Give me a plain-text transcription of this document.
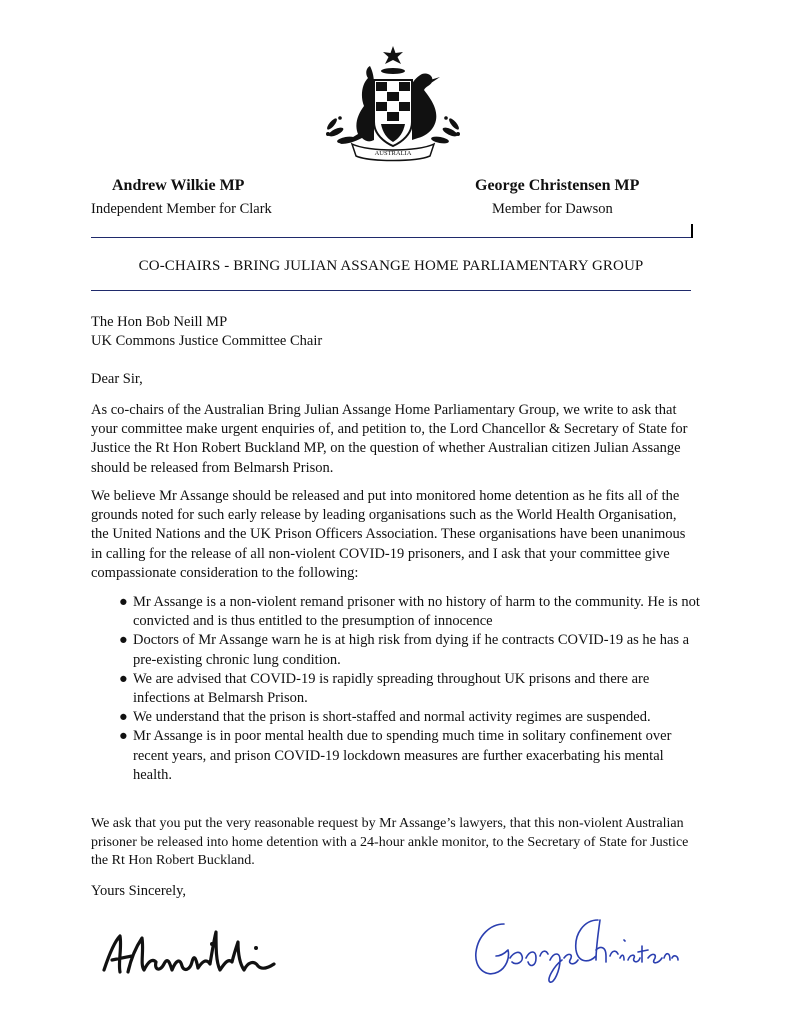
AUSTRALIA
Andrew Wilkie MP
Independent Member for Clark
George Christensen MP
Member for Dawson
CO-CHAIRS - BRING JULIAN ASSANGE HOME PARLIAMENTARY GROUP
The Hon Bob Neill MP
UK Commons Justice Committee Chair
Dear Sir,
As co-chairs of the Australian Bring Julian Assange Home Parliamentary Group, we write to ask that your committee make urgent enquiries of, and petition to, the Lord Chancellor & Secretary of State for Justice the Rt Hon Robert Buckland MP, on the question of whether Australian citizen Julian Assange should be released from Belmarsh Prison.
We believe Mr Assange should be released and put into monitored home detention as he fits all of the grounds noted for such early release by leading organisations such as the World Health Organisation, the United Nations and the UK Prison Officers Association. These organisations have been unanimous in calling for the release of all non-violent COVID-19 prisoners, and I ask that your committee give compassionate consideration to the following:
● Mr Assange is a non-violent remand prisoner with no history of harm to the community. He is not convicted and is thus entitled to the presumption of innocence
● Doctors of Mr Assange warn he is at high risk from dying if he contracts COVID-19 as he has a pre-existing chronic lung condition.
● We are advised that COVID-19 is rapidly spreading throughout UK prisons and there are infections at Belmarsh Prison.
● We understand that the prison is short-staffed and normal activity regimes are suspended.
● Mr Assange is in poor mental health due to spending much time in solitary confinement over recent years, and prison COVID-19 lockdown measures are further exacerbating his mental health.
We ask that you put the very reasonable request by Mr Assange’s lawyers, that this non-violent Australian prisoner be released into home detention with a 24-hour ankle monitor, to the Secretary of State for Justice the Rt Hon Robert Buckland.
Yours Sincerely,
